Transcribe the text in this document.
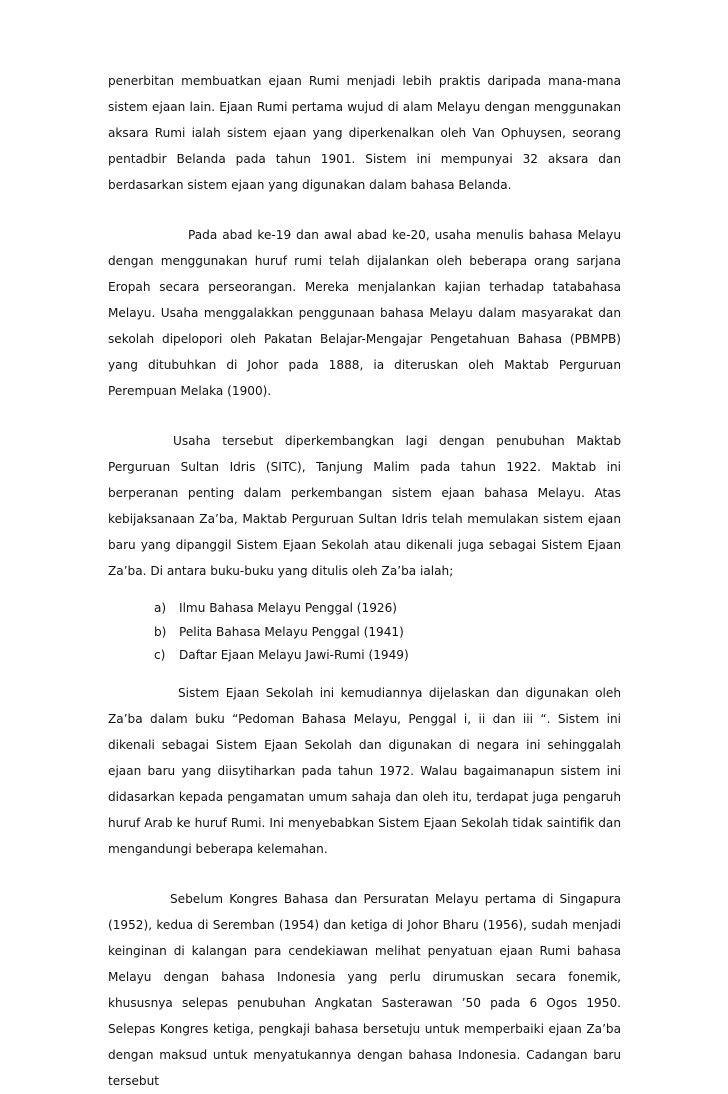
penerbitan membuatkan ejaan Rumi menjadi lebih praktis daripada mana-mana sistem ejaan lain. Ejaan Rumi pertama wujud di alam Melayu dengan menggunakan aksara Rumi ialah sistem ejaan yang diperkenalkan oleh Van Ophuysen, seorang pentadbir Belanda pada tahun 1901. Sistem ini mempunyai 32 aksara dan berdasarkan sistem ejaan yang digunakan dalam bahasa Belanda.

Pada abad ke-19 dan awal abad ke-20, usaha menulis bahasa Melayu dengan menggunakan huruf rumi telah dijalankan oleh beberapa orang sarjana Eropah secara perseorangan. Mereka menjalankan kajian terhadap tatabahasa Melayu. Usaha menggalakkan penggunaan bahasa Melayu dalam masyarakat dan sekolah dipelopori oleh Pakatan Belajar-Mengajar Pengetahuan Bahasa (PBMPB) yang ditubuhkan di Johor pada 1888, ia diteruskan oleh Maktab Perguruan Perempuan Melaka (1900).

Usaha tersebut diperkembangkan lagi dengan penubuhan Maktab Perguruan Sultan Idris (SITC), Tanjung Malim pada tahun 1922. Maktab ini berperanan penting dalam perkembangan sistem ejaan bahasa Melayu. Atas kebijaksanaan Za’ba, Maktab Perguruan Sultan Idris telah memulakan sistem ejaan baru yang dipanggil Sistem Ejaan Sekolah atau dikenali juga sebagai Sistem Ejaan Za’ba. Di antara buku-buku yang ditulis oleh Za’ba ialah;

a)	Ilmu Bahasa Melayu Penggal (1926)
b)	Pelita Bahasa Melayu Penggal (1941)
c)	Daftar Ejaan Melayu Jawi-Rumi (1949)

Sistem Ejaan Sekolah ini kemudiannya dijelaskan dan digunakan oleh Za’ba dalam buku “Pedoman Bahasa Melayu, Penggal i, ii dan iii “. Sistem ini dikenali sebagai Sistem Ejaan Sekolah dan digunakan di negara ini sehinggalah ejaan baru yang diisytiharkan pada tahun 1972. Walau bagaimanapun sistem ini didasarkan kepada pengamatan umum sahaja dan oleh itu, terdapat juga pengaruh huruf Arab ke huruf Rumi. Ini menyebabkan Sistem Ejaan Sekolah tidak saintifik dan mengandungi beberapa kelemahan.

Sebelum Kongres Bahasa dan Persuratan Melayu pertama di Singapura (1952), kedua di Seremban (1954) dan ketiga di Johor Bharu (1956), sudah menjadi keinginan di kalangan para cendekiawan melihat penyatuan ejaan Rumi bahasa Melayu dengan bahasa Indonesia yang perlu dirumuskan secara fonemik, khususnya selepas penubuhan Angkatan Sasterawan ’50 pada 6 Ogos 1950. Selepas Kongres ketiga, pengkaji bahasa bersetuju untuk memperbaiki ejaan Za’ba dengan maksud untuk menyatukannya dengan bahasa Indonesia. Cadangan baru tersebut
